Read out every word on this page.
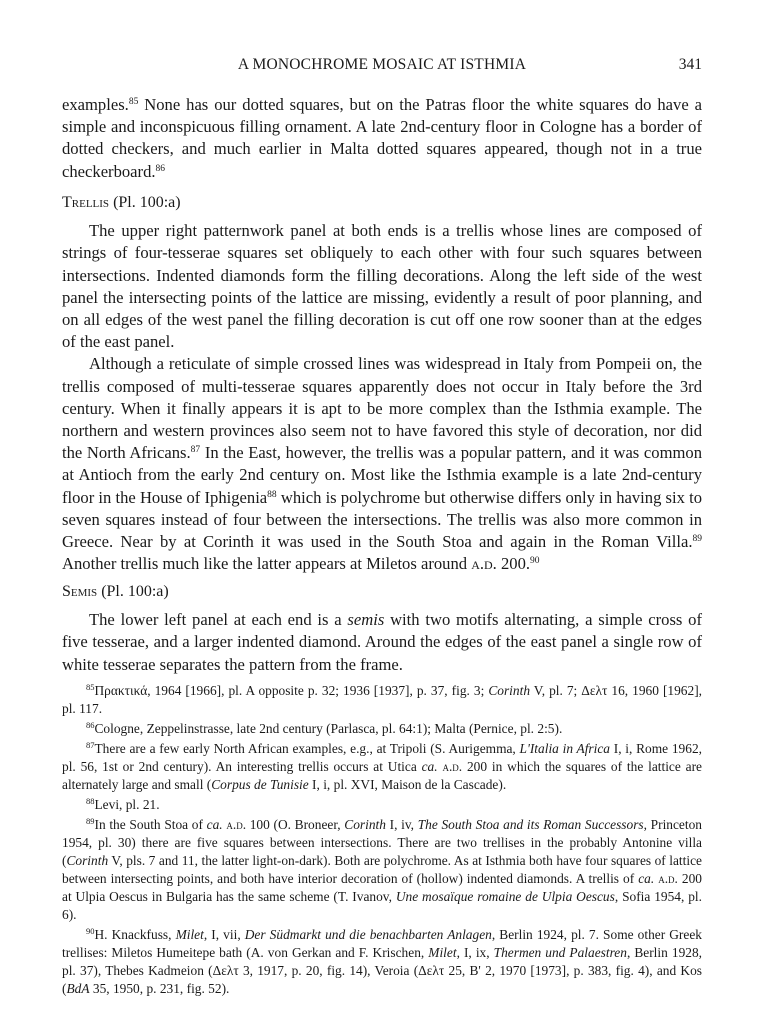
A MONOCHROME MOSAIC AT ISTHMIA	341

examples.$^{85}$ None has our dotted squares, but on the Patras floor the white squares do have a simple and inconspicuous filling ornament. A late 2nd-century floor in Cologne has a border of dotted checkers, and much earlier in Malta dotted squares appeared, though not in a true checkerboard.$^{86}$

Trellis (Pl. 100:a)

The upper right patternwork panel at both ends is a trellis whose lines are composed of strings of four-tesserae squares set obliquely to each other with four such squares between intersections. Indented diamonds form the filling decorations. Along the left side of the west panel the intersecting points of the lattice are missing, evidently a result of poor planning, and on all edges of the west panel the filling decoration is cut off one row sooner than at the edges of the east panel.

Although a reticulate of simple crossed lines was widespread in Italy from Pompeii on, the trellis composed of multi-tesserae squares apparently does not occur in Italy before the 3rd century. When it finally appears it is apt to be more complex than the Isthmia example. The northern and western provinces also seem not to have favored this style of decoration, nor did the North Africans.$^{87}$ In the East, however, the trellis was a popular pattern, and it was common at Antioch from the early 2nd century on. Most like the Isthmia example is a late 2nd-century floor in the House of Iphigenia$^{88}$ which is polychrome but otherwise differs only in having six to seven squares instead of four between the intersections. The trellis was also more common in Greece. Near by at Corinth it was used in the South Stoa and again in the Roman Villa.$^{89}$ Another trellis much like the latter appears at Miletos around a.d. 200.90

Semis (Pl. 100:a)

The lower left panel at each end is a semis with two motifs alternating, a simple cross of five tesserae, and a larger indented diamond. Around the edges of the east panel a single row of white tesserae separates the pattern from the frame.

$^{85}$Πρακτικά, 1964 [1966], pl. A opposite p. 32; 1936 [1937], p. 37, fig. 3; Corinth V, pl. 7; Δελτ 16, 1960 [1962], pl. 117.

$^{86}$Cologne, Zeppelinstrasse, late 2nd century (Parlasca, pl. 64:1); Malta (Pernice, pl. 2:5).

$^{87}$There are a few early North African examples, e.g., at Tripoli (S. Aurigemma, L'Italia in Africa I, i, Rome 1962, pl. 56, 1st or 2nd century). An interesting trellis occurs at Utica ca. a.d. 200 in which the squares of the lattice are alternately large and small (Corpus de Tunisie I, i, pl. XVI, Maison de la Cascade).

$^{88}$Levi, pl. 21.

$^{89}$In the South Stoa of ca. a.d. 100 (O. Broneer, Corinth I, iv, The South Stoa and its Roman Successors, Princeton 1954, pl. 30) there are five squares between intersections. There are two trellises in the probably Antonine villa (Corinth V, pls. 7 and 11, the latter light-on-dark). Both are polychrome. As at Isthmia both have four squares of lattice between intersecting points, and both have interior decoration of (hollow) indented diamonds. A trellis of ca. a.d. 200 at Ulpia Oescus in Bulgaria has the same scheme (T. Ivanov, Une mosaïque romaine de Ulpia Oescus, Sofia 1954, pl. 6).

$^{90}$H. Knackfuss, Milet, I, vii, Der Südmarkt und die benachbarten Anlagen, Berlin 1924, pl. 7. Some other Greek trellises: Miletos Humeitepe bath (A. von Gerkan and F. Krischen, Milet, I, ix, Thermen und Palaestren, Berlin 1928, pl. 37), Thebes Kadmeion (Δελτ 3, 1917, p. 20, fig. 14), Veroia (Δελτ 25, B' 2, 1970 [1973], p. 383, fig. 4), and Kos (BdA 35, 1950, p. 231, fig. 52).
